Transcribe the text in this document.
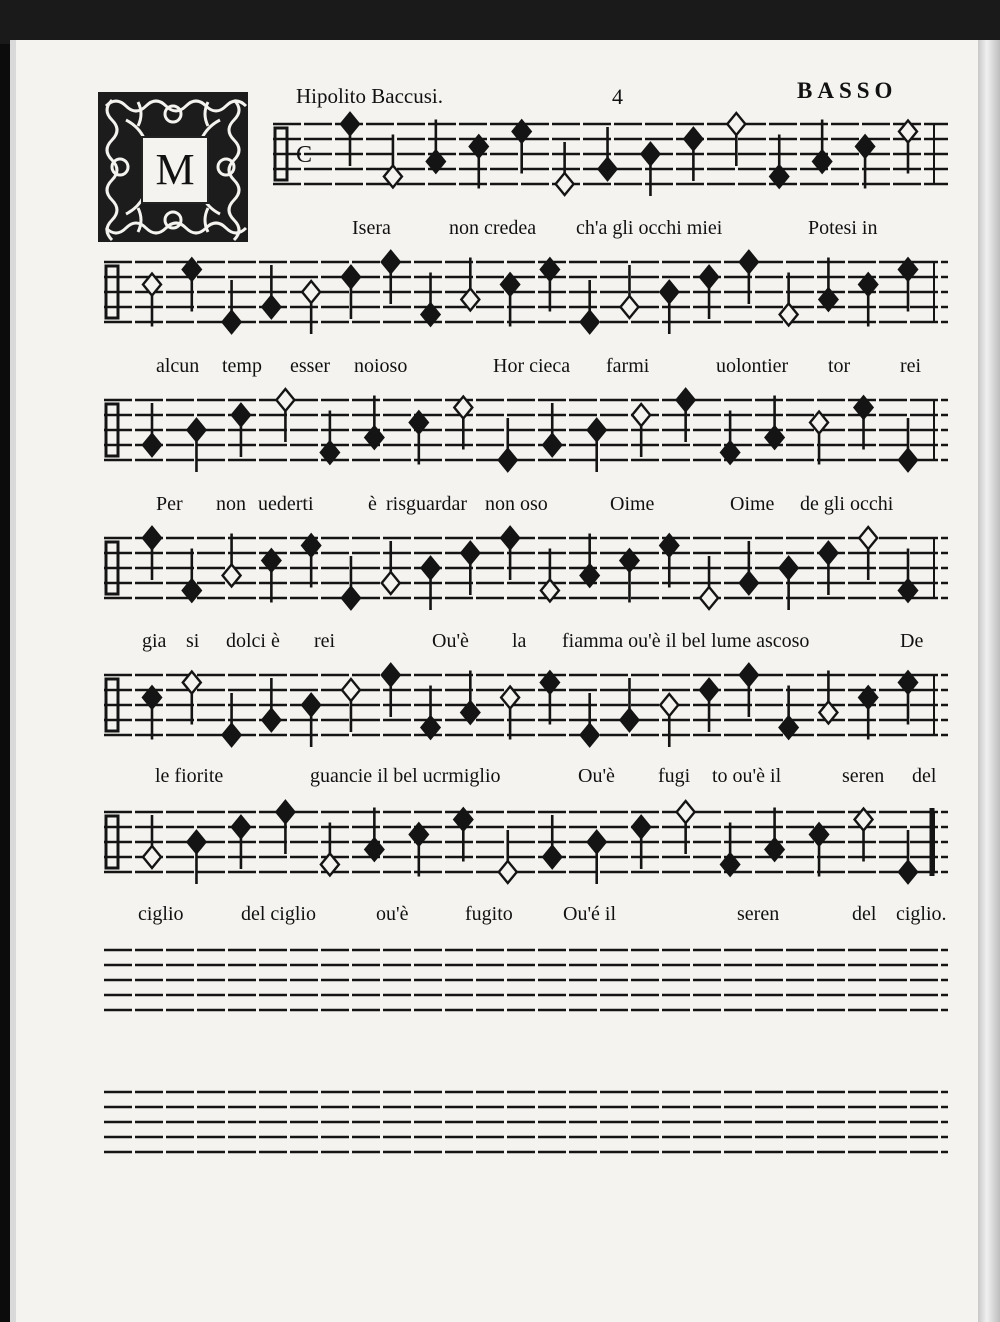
Hipolito Baccusi.	4	BASSO
M	C
Isera	non credea ch'a gli occhi miei	Potesi in
alcun temp esser noioso	Hor cieca farmi	uolontier tor rei
Per non uederti	è risguardar non oso	Oime	Oime de gli occhi
gia si dolci è rei	Ou'è la fiamma ou'è il bel lume ascoso	De
le fiorite	guancie il bel ucrmiglio	Ou'è fugi to ou'è il	seren del
ciglio	del ciglio	ou'è	fugito	Ou'é il	seren	del ciglio.
